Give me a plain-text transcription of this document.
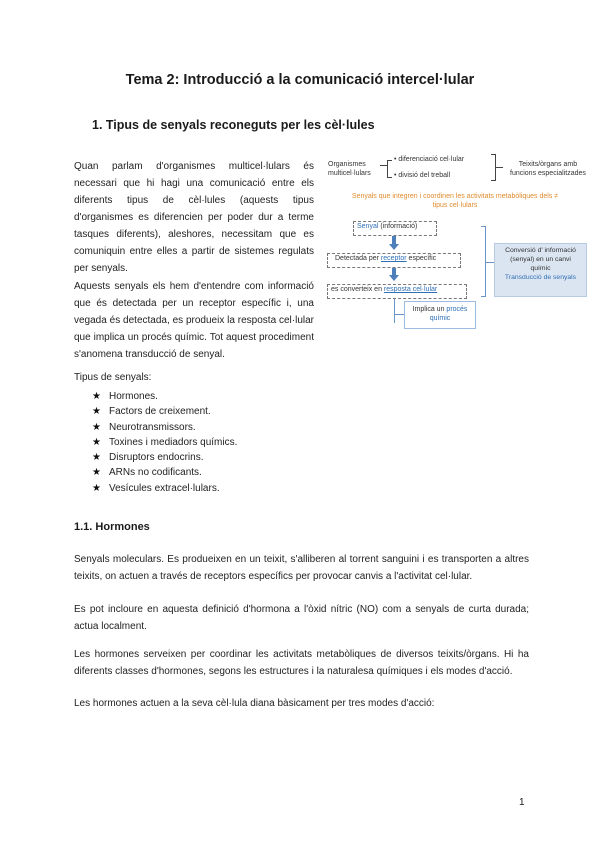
Tema 2: Introducció a la comunicació intercel·lular
1. Tipus de senyals reconeguts per les cèl·lules
Quan parlam d'organismes multicel·lulars és necessari que hi hagi una comunicació entre els diferents tipus de cèl·lules (aquests tipus d'organismes es diferencien per poder dur a terme tasques diferents), aleshores, necessitam que es comuniquin entre elles a partir de sistemes regulats per senyals.
Aquests senyals els hem d'entendre com informació que és detectada per un receptor específic i, una vegada és detectada, es produeix la resposta cel·lular que implica un procés químic. Tot aquest procediment s'anomena transducció de senyal.
Tipus de senyals:
★ Hormones.
★ Factors de creixement.
★ Neurotransmissors.
★ Toxines i mediadors químics.
★ Disruptors endocrins.
★ ARNs no codificants.
★ Vesícules extracel·lulars.
Organismes
multicel·lulars
• diferenciació cel·lular
• divisió del treball
Teixits/òrgans amb
funcions especialitzades
Senyals que integren i coordinen les activitats metabòliques dels ≠
tipus cel·lulars
Senyal (informació)
Detectada per receptor específic
es converteix en resposta cel·lular
Implica un procés
químic
Conversió d' informació
(senyal) en un canvi
químic
Transducció de senyals
1.1. Hormones
Senyals moleculars. Es produeixen en un teixit, s'alliberen al torrent sanguini i es transporten a altres teixits, on actuen a través de receptors específics per provocar canvis a l'activitat cel·lular.
Es pot incloure en aquesta definició d'hormona a l'òxid nítric (NO) com a senyals de curta durada; actua localment.
Les hormones serveixen per coordinar les activitats metabòliques de diversos teixits/òrgans. Hi ha diferents classes d'hormones, segons les estructures i la naturalesa químiques i els modes d'acció.
Les hormones actuen a la seva cèl·lula diana bàsicament per tres modes d'acció:
1
